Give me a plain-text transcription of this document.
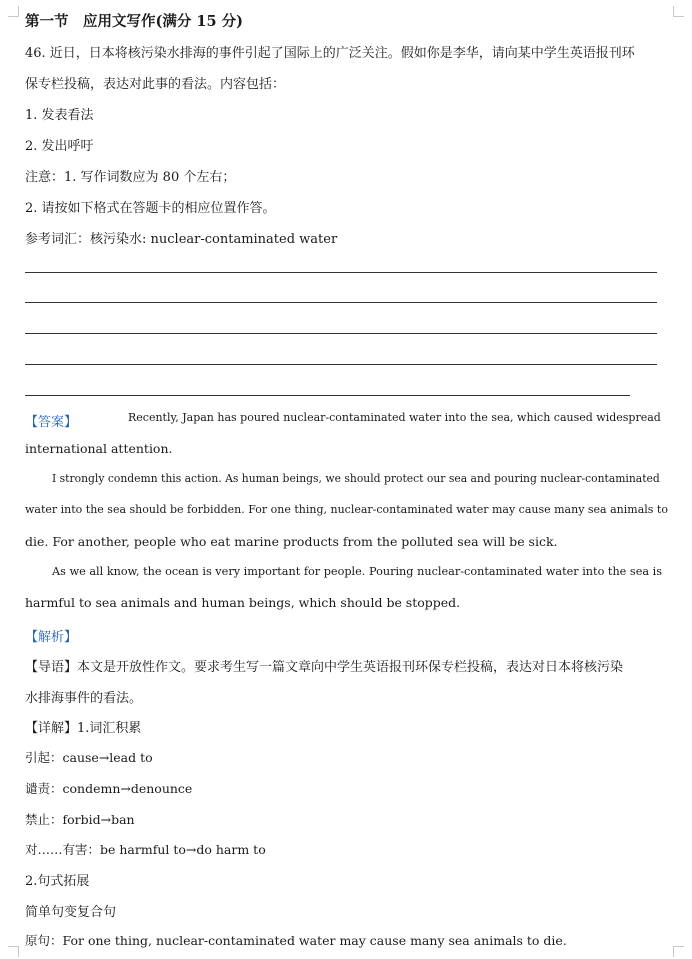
第一节　应用文写作(满分 15 分)
46. 近日，日本将核污染水排海的事件引起了国际上的广泛关注。假如你是李华，请向某中学生英语报刊环
保专栏投稿，表达对此事的看法。内容包括：
1. 发表看法
2. 发出呼吁
注意：1. 写作词数应为 80 个左右；
2. 请按如下格式在答题卡的相应位置作答。
参考词汇：核污染水: nuclear-contaminated water
【答案】	Recently, Japan has poured nuclear-contaminated water into the sea, which caused widespread
international attention.
I strongly condemn this action. As human beings, we should protect our sea and pouring nuclear-contaminated
water into the sea should be forbidden. For one thing, nuclear-contaminated water may cause many sea animals to
die. For another, people who eat marine products from the polluted sea will be sick.
As we all know, the ocean is very important for people. Pouring nuclear-contaminated water into the sea is
harmful to sea animals and human beings, which should be stopped.
【解析】
【导语】本文是开放性作文。要求考生写一篇文章向中学生英语报刊环保专栏投稿，表达对日本将核污染
水排海事件的看法。
【详解】1.词汇积累
引起：cause→lead to
谴责：condemn→denounce
禁止：forbid→ban
对……有害：be harmful to→do harm to
2.句式拓展
简单句变复合句
原句：For one thing, nuclear-contaminated water may cause many sea animals to die.
